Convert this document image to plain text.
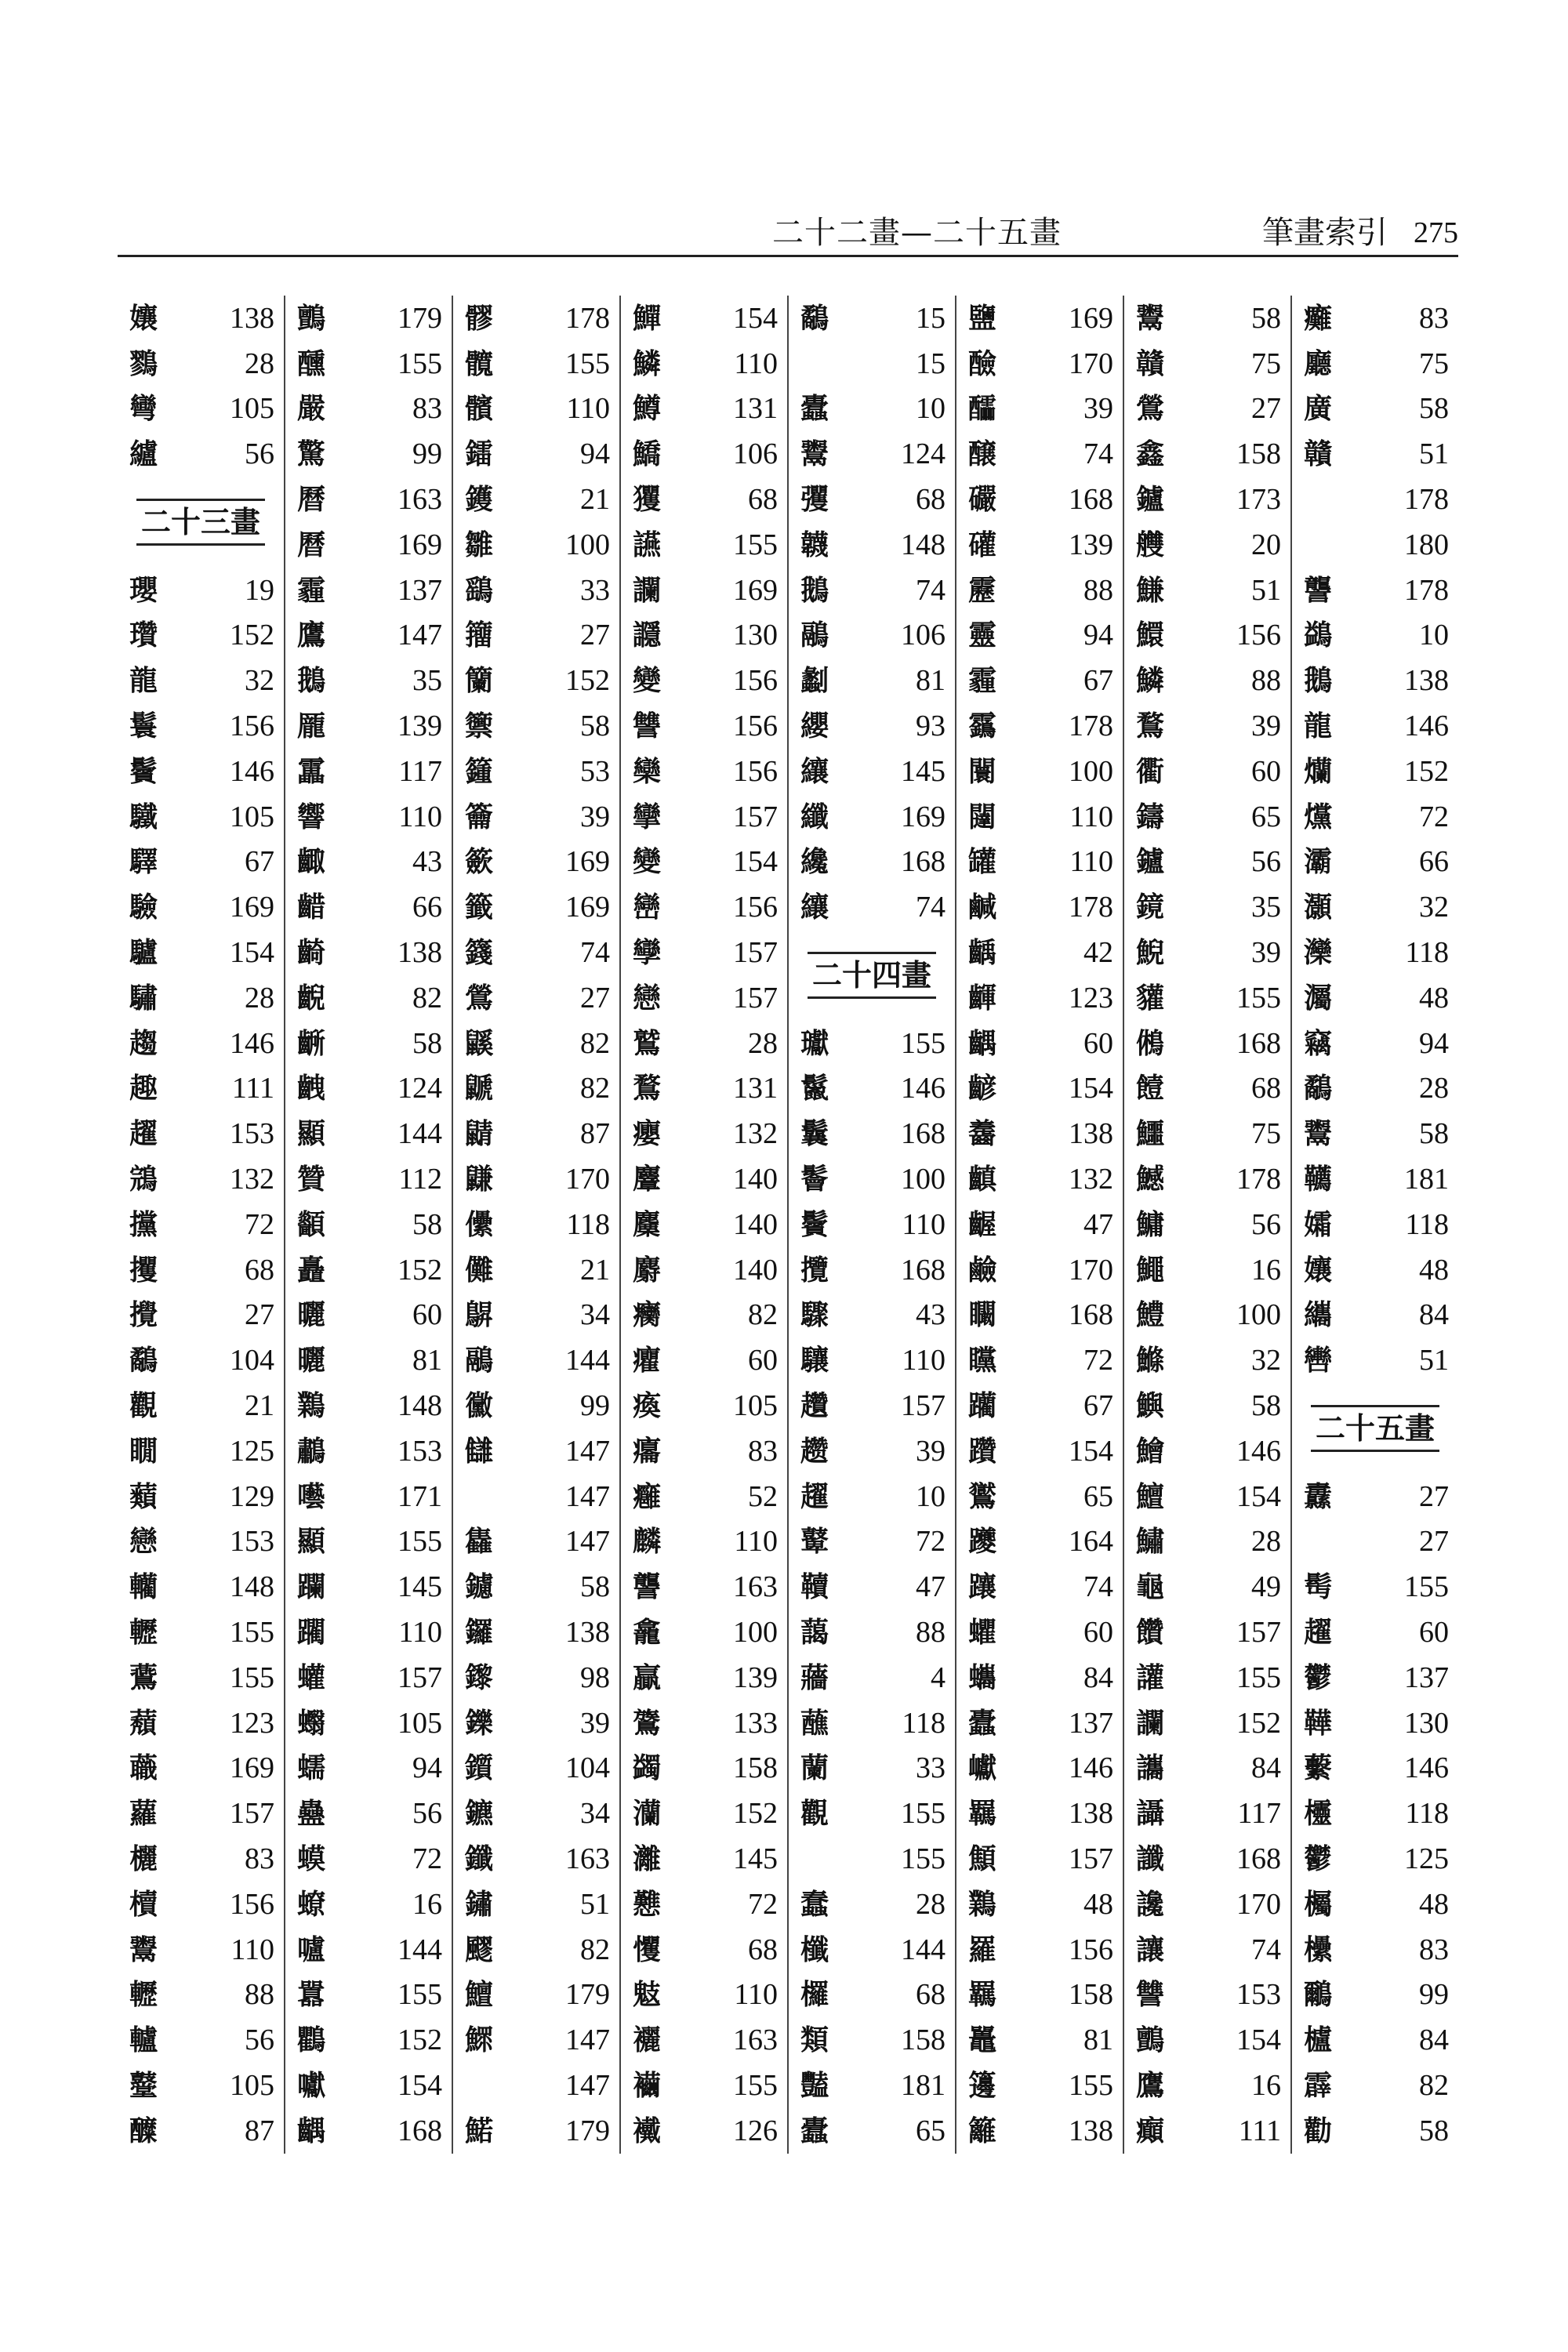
二十二畫—二十五畫	筆畫索引 275
孃 138
鷚	28
彎 105
纑	56
二十三畫
瓔	19
瓚 152
龍	32
鬟 156
鬢 146
驖 105
驛	67
驗 169
驢 154
驌	28
趨 146
趣 111
趯 153
鵍 132
攩	72
攫	68
攪	27
鷸 104
觀	21
瞯 125
蘱 129
戀 153
轥 148
轣 155
鷰 155
蘈 123
蘵 169
蘿 157
欐	83
櫝 156
鬻 110
轣	88
轤	56
鼞 105
醾	87
鸇 179
醺 155
嚴	83
驚	99
曆 163
曆 169
霾 137
鷹 147
鵝	35
龎 139
靁 117
響 110
齱	43
齰	66
齮 138
齯	82
齭	58
齥 124
顯 144
贊 112
顲	58
矗 152
曬	60
曬	81
鸈 148
鷫 153
囈 171
顯 155
躝 145
躙 110
蠸 157
蠮 105
蠕	94
蠱	56
蟆	72
蟟	16
嚧 144
囂 155
鸜 152
囐 154
齵 168
髎 178
髖 155
髕 110
鐳	94
鑊	21
雛 100
鷂	33
籒	27
籣 152
籞	58
籦	53
籥	39
籨 169
籤 169
籛	74
鶯	27
鼷	82
鼶	82
鼱	87
鼸 170
儽 118
儺	21
鵿	34
鷊 144
黴	99
讎 147
147
雥 147
鑢	58
鑼 138
鑗	98
鑠	39
鑕 104
鑣	34
鑯 163
鏽	51
飂	82
鱣 179
鰥 147
147
鰙 179
鱓 154
鱗 110
鱒 131
鱎 106
玃	68
讌 155
讕 169
讔 130
變 156
讐 156
欒 156
攣 157
變 154
巒 156
孿 157
戀 157
鷲	28
鶩 131
癭 132
麞 140
麜 140
麝 140
癵	82
癯	60
瘓 105
癟	83
癰	52
麟 110
讋 163
龕 100
贏 139
鷟 133
蠲 158
灡 152
灕 145
戁	72
戄	68
鬾 110
襹 163
襺 155
襶 126
鷸	15
15
蠹	10
鬻 124
彏	68
韤 148
鵝	74
鷊 106
劙	81
纓	93
纕 145
纖 169
纔 168
纕	74
二十四畫
瓛 155
鬣 146
鬤 168
鬠 100
鬢 110
攬 168
驟	43
驤 110
趲 157
趱	39
趯	10
鼙	72
韇	47
藹	88
蘠	4
蘸 118
蘭	33
觀 155
155
蠢	28
櫼 144
欏	68
類 158
豔 181
蠹	65
鹽 169
醶 170
醽	39
醸	74
礹 168
礶 139
靂	88
靈	94
霾	67
靎 178
闤 100
闥 110
罐 110
鹹 178
齲	42
齳 123
齵	60
齴 154
齹 138
齻 132
齷	47
鹼 170
矙 168
矘	72
躪	67
躦 154
鸑	65
躨 164
躟	74
蠷	60
蠵	84
蠹 137
巘 146
羈 138
顦 157
鸈	48
羅 156
羈 158
鼉	81
籩 155
籬 138
鬻	58
贛	75
鶯	27
鑫 158
鑪 173
艭	20
鰜	51
鱞 156
鱗	88
鶩	39
衢	60
鑄	65
鑪	56
鏡	35
鯢	39
貛 155
鵂 168
饐	68
鱷	75
鱤 178
鱅	56
鱦	16
鱧 100
鰷	32
鱮	58
鱠 146
鱣 154
鱐	28
龜	49
饡 157
讙 155
讕 152
讗	84
讘 117
讖 168
讒 170
讓	74
讐 153
鸇 154
鷹	16
癲 111
癱	83
廳	75
廣	58
贛	51
178
180
讋 178
鷁	10
鵝 138
龍 146
爤 152
爣	72
灞	66
灝	32
灤 118
灟	48
竊	94
鷸	28
鬻	58
韉 181
孀 118
孃	48
纗	84
轡	51
二十五畫
纛	27
27
髩 155
趯	60
鬱 137
鞾 130
蘻 146
欞 118
鬱 125
欘	48
欙	83
鸍	99
櫨	84
霹	82
勸	58
